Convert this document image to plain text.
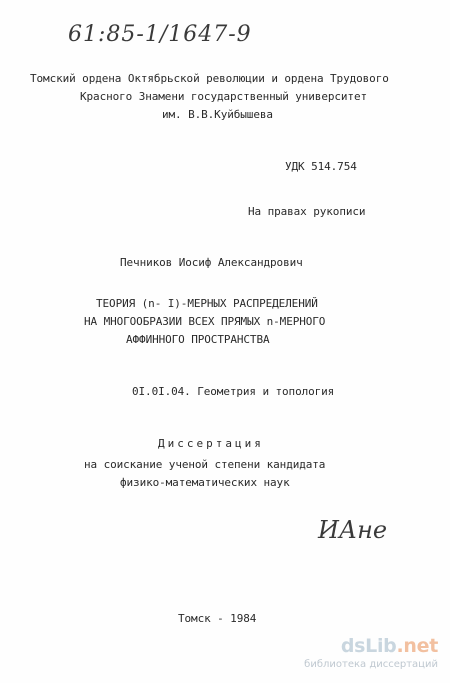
61:85-1/1647-9
Томский ордена Октябрьской революции и ордена Трудового
Красного Знамени государственный университет
им. В.В.Куйбышева
УДК 514.754
На правах рукописи
Печников Иосиф Александрович
ТЕОРИЯ (n- I)-МЕРНЫХ РАСПРЕДЕЛЕНИЙ
НА МНОГООБРАЗИИ ВСЕХ ПРЯМЫХ n-МЕРНОГО
АФФИННОГО ПРОСТРАНСТВА
0I.0I.04. Геометрия и топология
Диссертация
на соискание ученой степени кандидата
физико-математических наук
ИАне
Томск - 1984
dsLib.net
библиотека диссертаций
